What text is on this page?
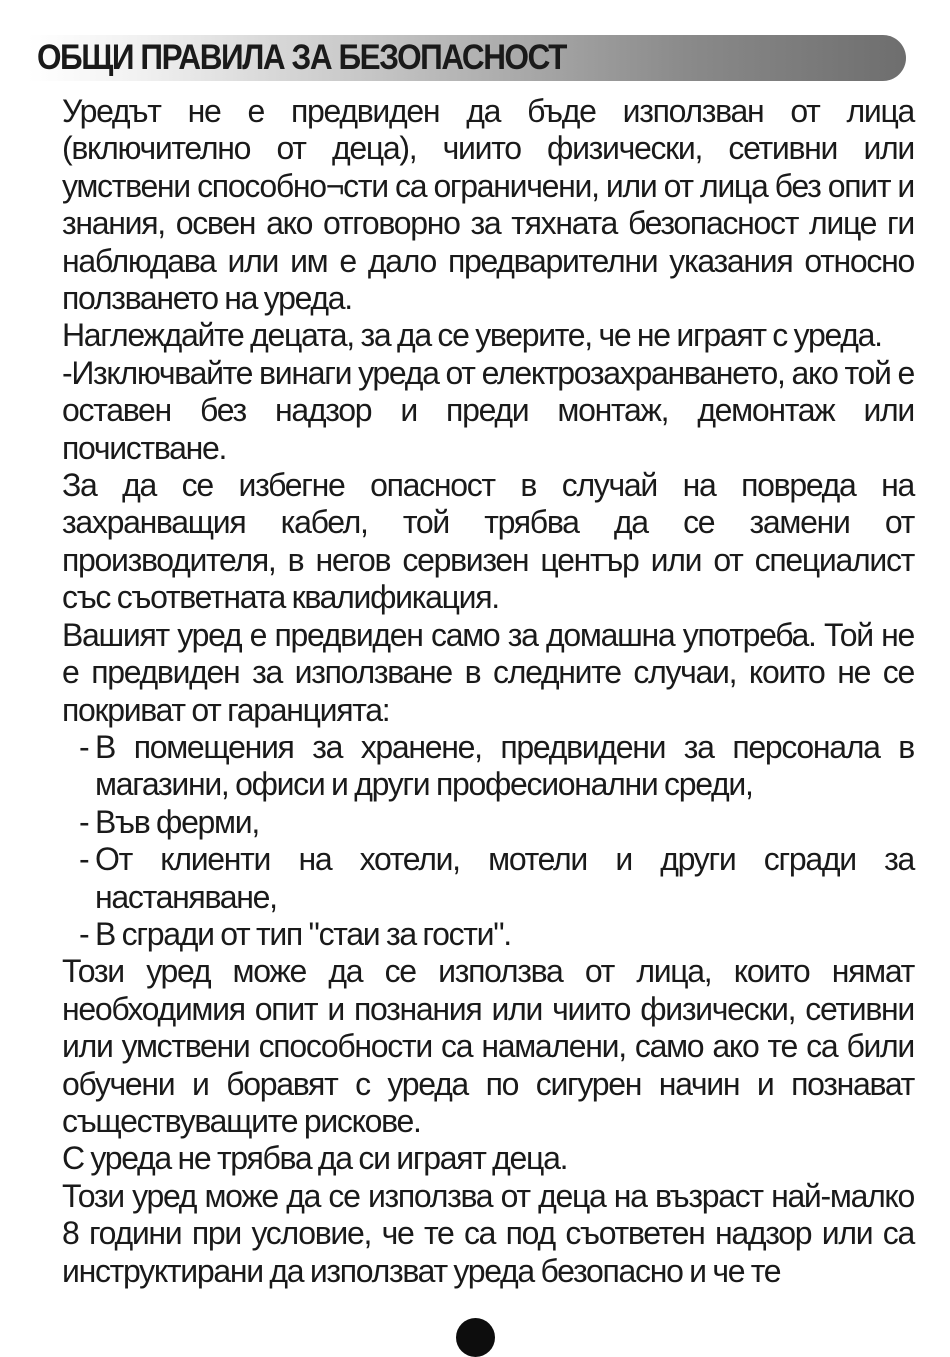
ОБЩИ ПРАВИЛА ЗА БЕЗОПАСНОСТ

Уредът не е предвиден да бъде използван от лица (включително от деца), чиито физически, сетивни или умствени способно¬сти са ограничени, или от лица без опит и знания, освен ако отговорно за тяхната безопасност лице ги наблюдава или им е дало предварителни указания относно ползването на уреда.

Наглеждайте децата, за да се уверите, че не играят с уреда.

-Изключвайте винаги уреда от електрозахранването, ако той е оставен без надзор и преди монтаж, демонтаж или почистване.

За да се избегне опасност в случай на повреда на захранващия кабел, той трябва да се замени от производителя, в негов сервизен център или от специалист със съответната квалификация.

Вашият уред е предвиден само за домашна употреба. Той не е предвиден за използване в следните случаи, които не се покриват от гаранцията:

- В помещения за хранене, предвидени за персонала в магазини, офиси и други професионални среди,
- Във ферми,
- От клиенти на хотели, мотели и други сгради за настаняване,
- В сгради от тип "стаи за гости".

Този уред може да се използва от лица, които нямат необходимия опит и познания или чиито физически, сетивни или умствени способности са намалени, само ако те са били обучени и боравят с уреда по сигурен начин и познават съществуващите рискове.

С уреда не трябва да си играят деца.

Този уред може да се използва от деца на възраст най-малко 8 години при условие, че те са под съответен надзор или са инструктирани да използват уреда безопасно и че те
